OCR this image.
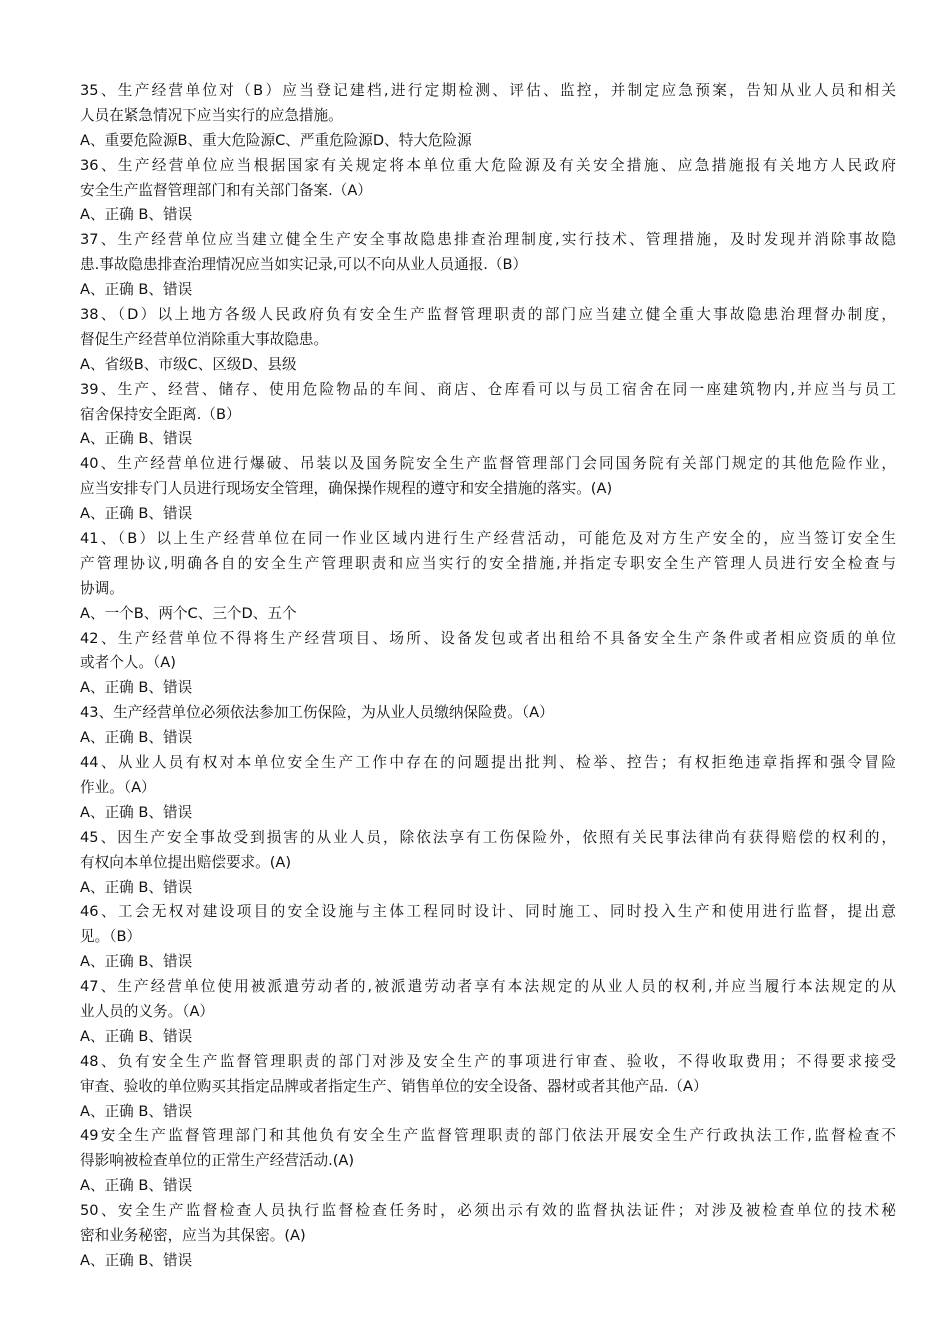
35、生产经营单位对（B）应当登记建档,进行定期检测、评估、监控，并制定应急预案，告知从业人员和相关
人员在紧急情况下应当实行的应急措施。
A、重要危险源B、重大危险源C、严重危险源D、特大危险源
36、生产经营单位应当根据国家有关规定将本单位重大危险源及有关安全措施、应急措施报有关地方人民政府
安全生产监督管理部门和有关部门备案.（A）
A、正确 B、错误
37、生产经营单位应当建立健全生产安全事故隐患排查治理制度,实行技术、管理措施，及时发现并消除事故隐
患.事故隐患排查治理情况应当如实记录,可以不向从业人员通报.（B）
A、正确 B、错误
38、（D）以上地方各级人民政府负有安全生产监督管理职责的部门应当建立健全重大事故隐患治理督办制度，
督促生产经营单位消除重大事故隐患。
A、省级B、市级C、区级D、县级
39、生产、经营、储存、使用危险物品的车间、商店、仓库看可以与员工宿舍在同一座建筑物内,并应当与员工
宿舍保持安全距离.（B）
A、正确 B、错误
40、生产经营单位进行爆破、吊装以及国务院安全生产监督管理部门会同国务院有关部门规定的其他危险作业，
应当安排专门人员进行现场安全管理，确保操作规程的遵守和安全措施的落实。(A)
A、正确 B、错误
41、（B）以上生产经营单位在同一作业区域内进行生产经营活动，可能危及对方生产安全的，应当签订安全生
产管理协议,明确各自的安全生产管理职责和应当实行的安全措施,并指定专职安全生产管理人员进行安全检查与
协调。
A、一个B、两个C、三个D、五个
42、生产经营单位不得将生产经营项目、场所、设备发包或者出租给不具备安全生产条件或者相应资质的单位
或者个人。（A)
A、正确 B、错误
43、生产经营单位必须依法参加工伤保险，为从业人员缴纳保险费。（A）
A、正确 B、错误
44、从业人员有权对本单位安全生产工作中存在的问题提出批判、检举、控告；有权拒绝违章指挥和强令冒险
作业。（A）
A、正确 B、错误
45、因生产安全事故受到损害的从业人员，除依法享有工伤保险外，依照有关民事法律尚有获得赔偿的权利的，
有权向本单位提出赔偿要求。(A)
A、正确 B、错误
46、工会无权对建设项目的安全设施与主体工程同时设计、同时施工、同时投入生产和使用进行监督，提出意
见。（B）
A、正确 B、错误
47、生产经营单位使用被派遣劳动者的,被派遣劳动者享有本法规定的从业人员的权利,并应当履行本法规定的从
业人员的义务。（A）
A、正确 B、错误
48、负有安全生产监督管理职责的部门对涉及安全生产的事项进行审查、验收，不得收取费用；不得要求接受
审查、验收的单位购买其指定品牌或者指定生产、销售单位的安全设备、器材或者其他产品.（A）
A、正确 B、错误
49安全生产监督管理部门和其他负有安全生产监督管理职责的部门依法开展安全生产行政执法工作,监督检查不
得影响被检查单位的正常生产经营活动.(A)
A、正确 B、错误
50、安全生产监督检查人员执行监督检查任务时，必须出示有效的监督执法证件；对涉及被检查单位的技术秘
密和业务秘密，应当为其保密。(A)
A、正确 B、错误
